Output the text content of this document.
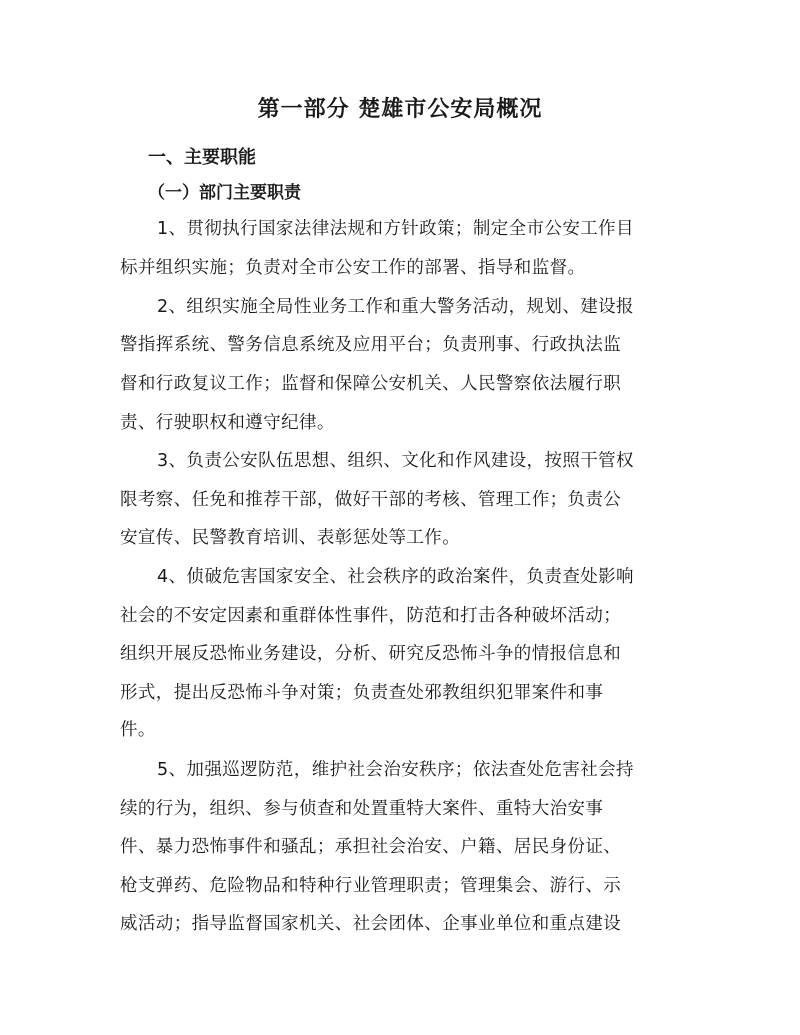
第一部分 楚雄市公安局概况
一、主要职能
（一）部门主要职责
1、贯彻执行国家法律法规和方针政策；制定全市公安工作目
标并组织实施；负责对全市公安工作的部署、指导和监督。
2、组织实施全局性业务工作和重大警务活动，规划、建设报
警指挥系统、警务信息系统及应用平台；负责刑事、行政执法监
督和行政复议工作；监督和保障公安机关、人民警察依法履行职
责、行驶职权和遵守纪律。
3、负责公安队伍思想、组织、文化和作风建设，按照干管权
限考察、任免和推荐干部，做好干部的考核、管理工作；负责公
安宣传、民警教育培训、表彰惩处等工作。
4、侦破危害国家安全、社会秩序的政治案件，负责查处影响
社会的不安定因素和重群体性事件，防范和打击各种破坏活动；
组织开展反恐怖业务建设，分析、研究反恐怖斗争的情报信息和
形式，提出反恐怖斗争对策；负责查处邪教组织犯罪案件和事
件。
5、加强巡逻防范，维护社会治安秩序；依法查处危害社会持
续的行为，组织、参与侦查和处置重特大案件、重特大治安事
件、暴力恐怖事件和骚乱；承担社会治安、户籍、居民身份证、
枪支弹药、危险物品和特种行业管理职责；管理集会、游行、示
威活动；指导监督国家机关、社会团体、企事业单位和重点建设
